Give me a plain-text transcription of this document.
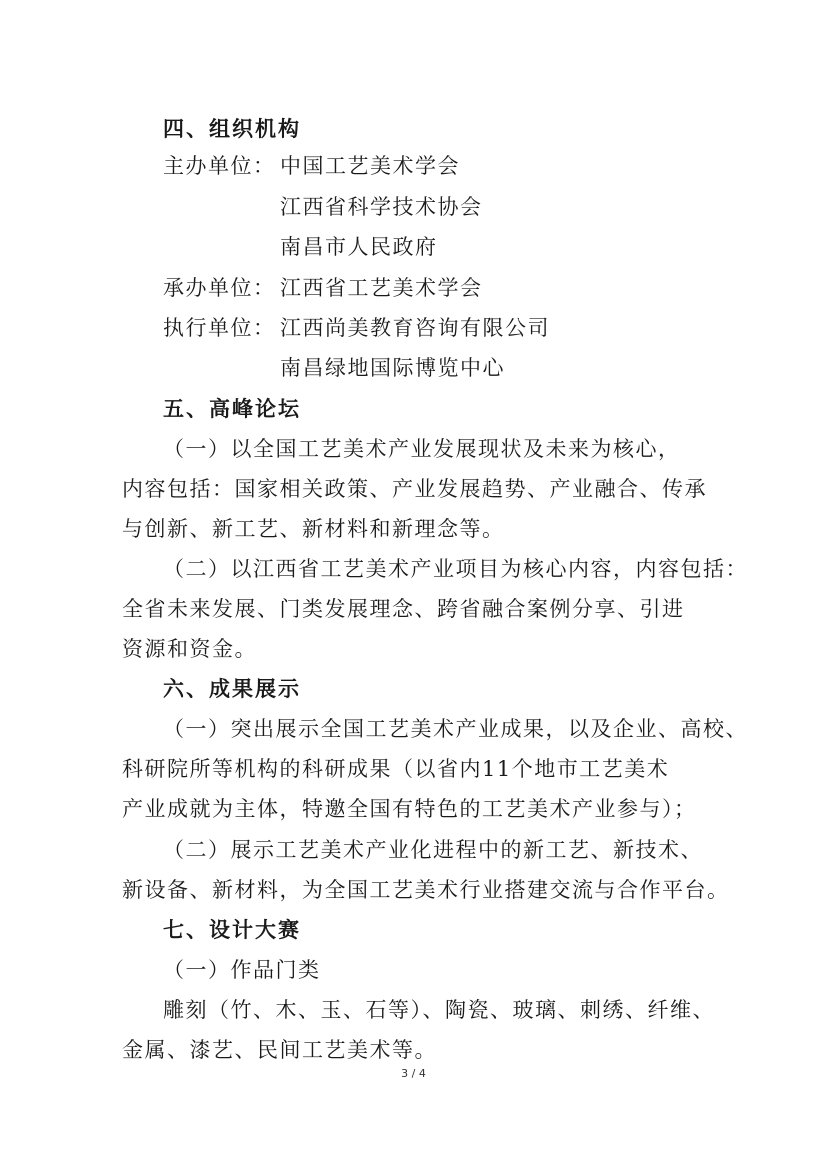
四、组织机构
主办单位： 中国工艺美术学会
江西省科学技术协会
南昌市人民政府
承办单位： 江西省工艺美术学会
执行单位： 江西尚美教育咨询有限公司
南昌绿地国际博览中心
五、高峰论坛
（一）以全国工艺美术产业发展现状及未来为核心，
内容包括：国家相关政策、产业发展趋势、产业融合、传承
与创新、新工艺、新材料和新理念等。
（二）以江西省工艺美术产业项目为核心内容，内容包括：
全省未来发展、门类发展理念、跨省融合案例分享、引进
资源和资金。
六、成果展示
（一）突出展示全国工艺美术产业成果，以及企业、高校、
科研院所等机构的科研成果（以省内11个地市工艺美术
产业成就为主体，特邀全国有特色的工艺美术产业参与）；
（二）展示工艺美术产业化进程中的新工艺、新技术、
新设备、新材料，为全国工艺美术行业搭建交流与合作平台。
七、设计大赛
（一）作品门类
雕刻（竹、木、玉、石等）、陶瓷、玻璃、刺绣、纤维、
金属、漆艺、民间工艺美术等。
3 / 4
